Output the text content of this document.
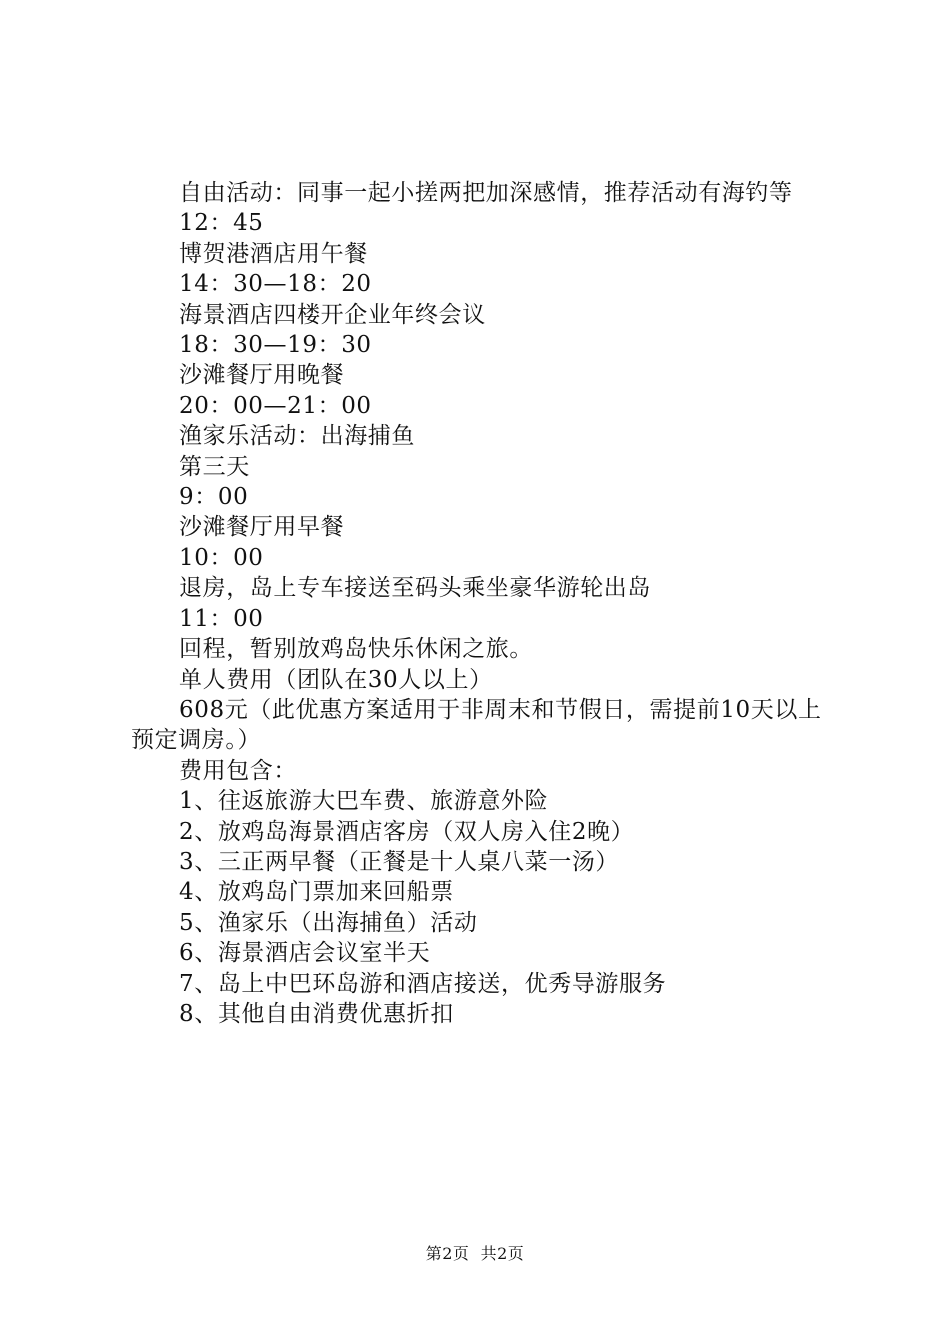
自由活动：同事一起小搓两把加深感情，推荐活动有海钓等

12：45

博贺港酒店用午餐

14：30—18：20

海景酒店四楼开企业年终会议

18：30—19：30

沙滩餐厅用晚餐

20：00—21：00

渔家乐活动：出海捕鱼

第三天

9：00

沙滩餐厅用早餐

10：00

退房，岛上专车接送至码头乘坐豪华游轮出岛

11：00

回程，暂别放鸡岛快乐休闲之旅。

单人费用（团队在30人以上）

608元（此优惠方案适用于非周末和节假日，需提前10天以上预定调房。）

费用包含：

1、往返旅游大巴车费、旅游意外险

2、放鸡岛海景酒店客房（双人房入住2晚）

3、三正两早餐（正餐是十人桌八菜一汤）

4、放鸡岛门票加来回船票

5、渔家乐（出海捕鱼）活动

6、海景酒店会议室半天

7、岛上中巴环岛游和酒店接送，优秀导游服务

8、其他自由消费优惠折扣

第2页 共2页
